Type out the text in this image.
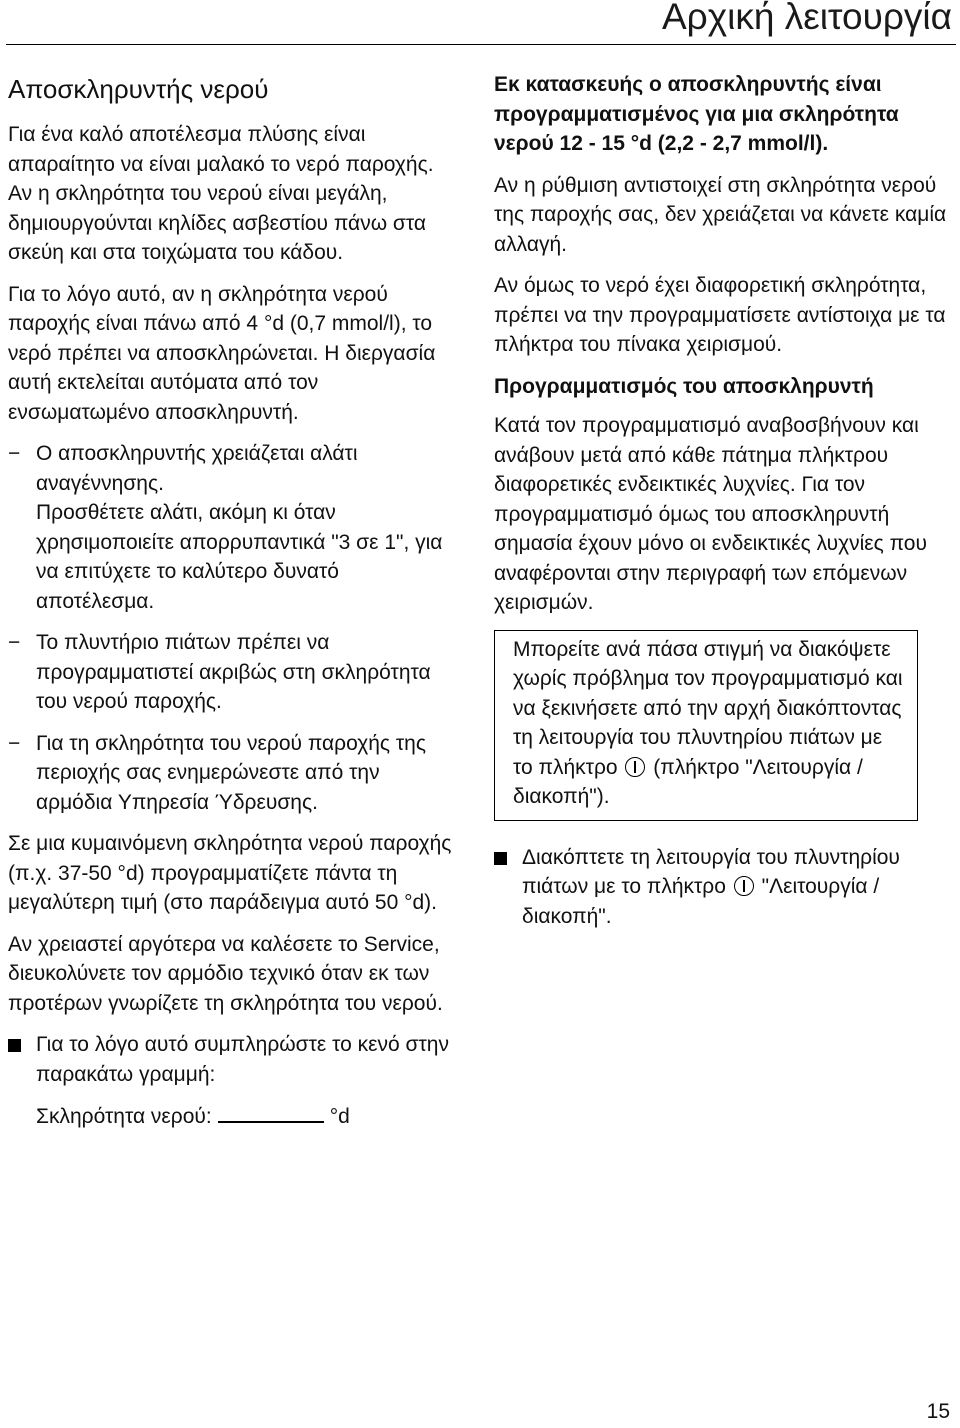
Αρχική λειτουργία
Αποσκληρυντής νερού

Για ένα καλό αποτέλεσμα πλύσης είναι απαραίτητο να είναι μαλακό το νερό παροχής. Αν η σκληρότητα του νερού είναι μεγάλη, δημιουργούνται κηλίδες ασβεστίου πάνω στα σκεύη και στα τοιχώματα του κάδου.

Για το λόγο αυτό, αν η σκληρότητα νερού παροχής είναι πάνω από 4 °d (0,7 mmol/l), το νερό πρέπει να αποσκληρώνεται. Η διεργασία αυτή εκτελείται αυτόματα από τον ενσωματωμένο αποσκληρυντή.

− Ο αποσκληρυντής χρειάζεται αλάτι αναγέννησης.

Προσθέτετε αλάτι, ακόμη κι όταν χρησιμοποιείτε απορρυπαντικά "3 σε 1", για να επιτύχετε το καλύτερο δυνατό αποτέλεσμα.

− Το πλυντήριο πιάτων πρέπει να προγραμματιστεί ακριβώς στη σκληρότητα του νερού παροχής.

− Για τη σκληρότητα του νερού παροχής της περιοχής σας ενημερώνεστε από την αρμόδια Υπηρεσία Ύδρευσης.

Σε μια κυμαινόμενη σκληρότητα νερού παροχής (π.χ. 37-50 °d) προγραμματίζετε πάντα τη μεγαλύτερη τιμή (στο παράδειγμα αυτό 50 °d).

Αν χρειαστεί αργότερα να καλέσετε το Service, διευκολύνετε τον αρμόδιο τεχνικό όταν εκ των προτέρων γνωρίζετε τη σκληρότητα του νερού.

Για το λόγο αυτό συμπληρώστε το κενό στην παρακάτω γραμμή:
Σκληρότητα νερού:	°d

Εκ κατασκευής ο αποσκληρυντής είναι προγραμματισμένος για μια σκληρότητα νερού 12 - 15 °d (2,2 - 2,7 mmol/l).

Αν η ρύθμιση αντιστοιχεί στη σκληρότητα νερού της παροχής σας, δεν χρειάζεται να κάνετε καμία αλλαγή.

Αν όμως το νερό έχει διαφορετική σκληρότητα, πρέπει να την προγραμματίσετε αντίστοιχα με τα πλήκτρα του πίνακα χειρισμού.

Προγραμματισμός του αποσκληρυντή

Κατά τον προγραμματισμό αναβοσβήνουν και ανάβουν μετά από κάθε πάτημα πλήκτρου διαφορετικές ενδεικτικές λυχνίες. Για τον προγραμματισμό όμως του αποσκληρυντή σημασία έχουν μόνο οι ενδεικτικές λυχνίες που αναφέρονται στην περιγραφή των επόμενων χειρισμών.

Μπορείτε ανά πάσα στιγμή να διακόψετε χωρίς πρόβλημα τον προγραμματισμό και να ξεκινήσετε από την αρχή διακόπτοντας τη λειτουργία του πλυντηρίου πιάτων με το πλήκτρο (πλήκτρο "Λειτουργία / διακοπή").
Διακόπτετε τη λειτουργία του πλυντηρίου πιάτων με το πλήκτρο "Λειτουργία / διακοπή".
15
